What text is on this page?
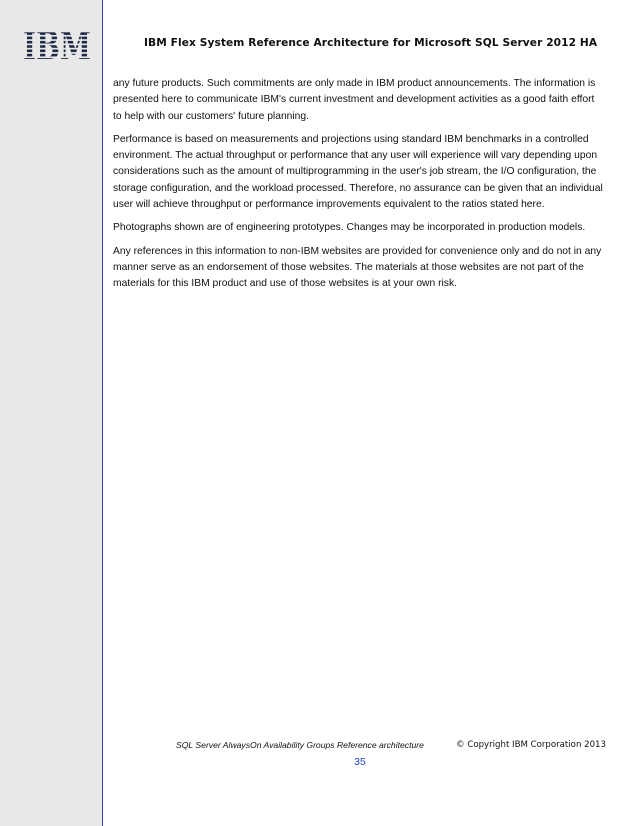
IBM Flex System Reference Architecture for Microsoft SQL Server 2012 HA

any future products. Such commitments are only made in IBM product announcements. The information is presented here to communicate IBM's current investment and development activities as a good faith effort to help with our customers' future planning.

Performance is based on measurements and projections using standard IBM benchmarks in a controlled environment. The actual throughput or performance that any user will experience will vary depending upon considerations such as the amount of multiprogramming in the user's job stream, the I/O configuration, the storage configuration, and the workload processed. Therefore, no assurance can be given that an individual user will achieve throughput or performance improvements equivalent to the ratios stated here.

Photographs shown are of engineering prototypes. Changes may be incorporated in production models.

Any references in this information to non-IBM websites are provided for convenience only and do not in any manner serve as an endorsement of those websites. The materials at those websites are not part of the materials for this IBM product and use of those websites is at your own risk.

SQL Server AlwaysOn Availability Groups Reference architecture	© Copyright IBM Corporation 2013
35
